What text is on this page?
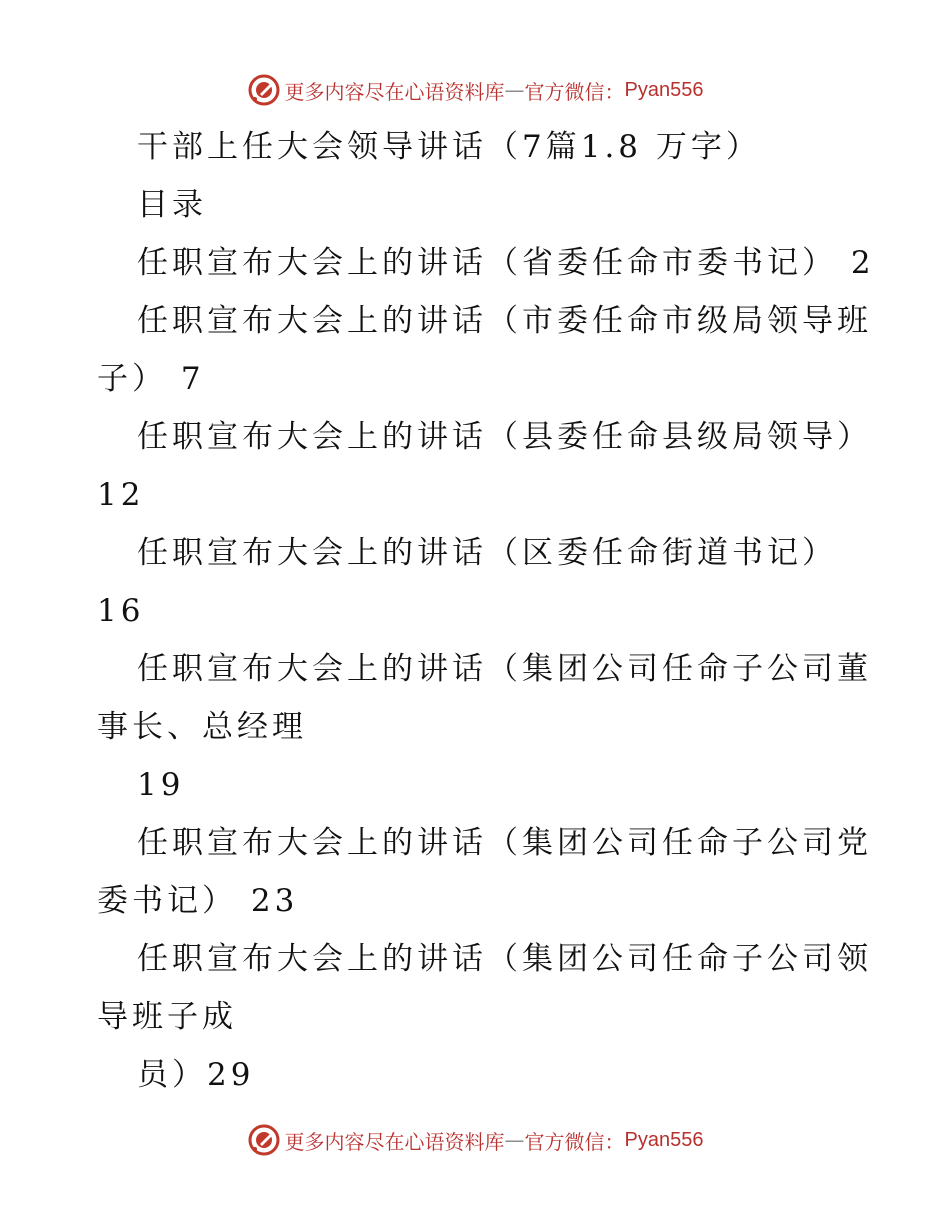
更多内容尽在心语资料库 — 官方微信： Pyan556
干部上任大会领导讲话（7篇1.8 万字）
目录
任职宣布大会上的讲话（省委任命市委书记） 2
任职宣布大会上的讲话（市委任命市级局领导班
子） 7
任职宣布大会上的讲话（县委任命县级局领导）
12
任职宣布大会上的讲话（区委任命街道书记）
16
任职宣布大会上的讲话（集团公司任命子公司董
事长、总经理
19
任职宣布大会上的讲话（集团公司任命子公司党
委书记） 23
任职宣布大会上的讲话（集团公司任命子公司领
导班子成
员）29
更多内容尽在心语资料库 — 官方微信： Pyan556
